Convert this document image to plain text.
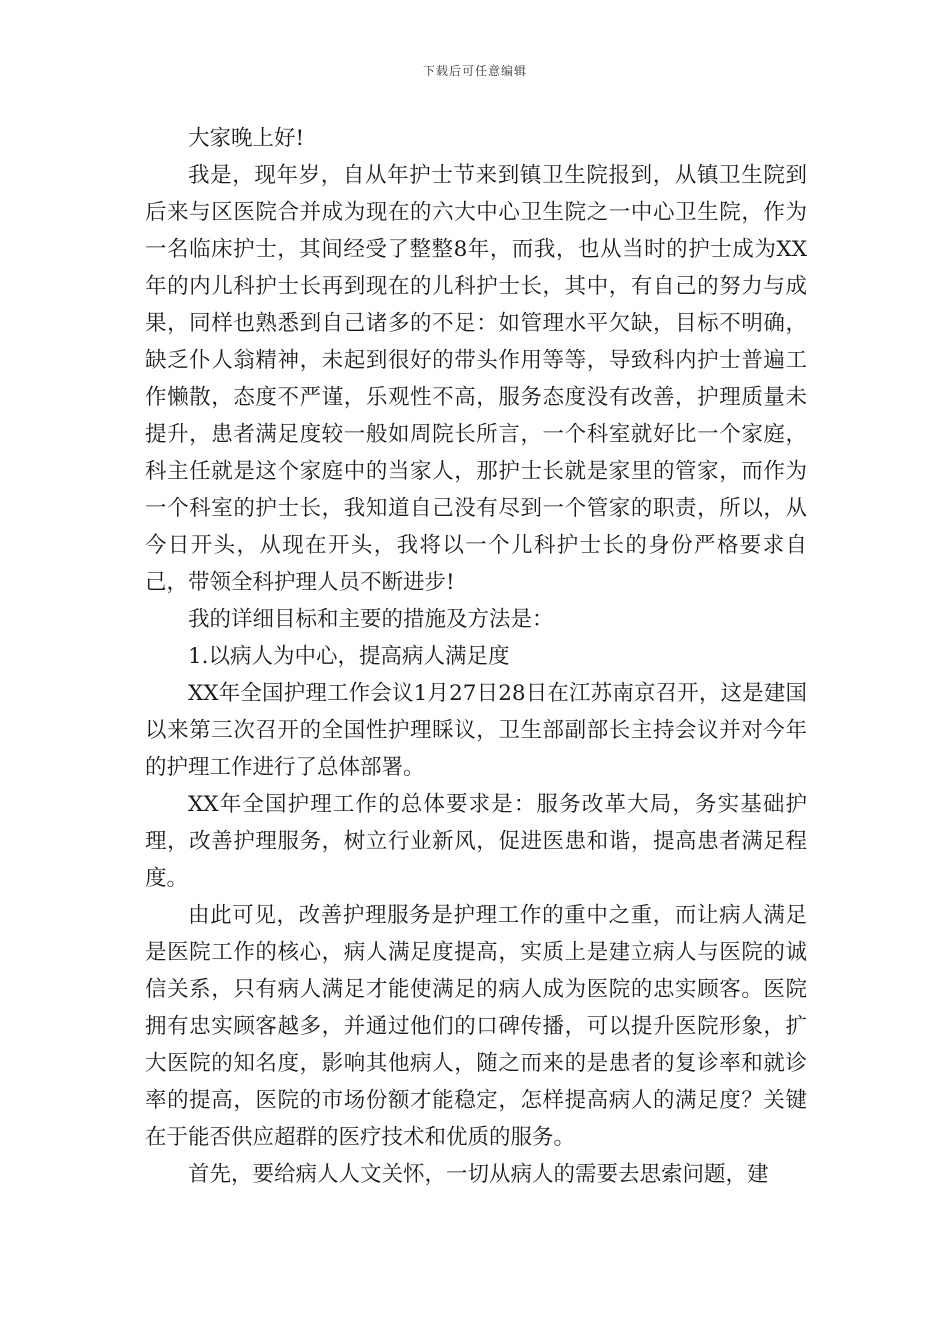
下载后可任意编辑

大家晚上好!

我是，现年岁，自从年护士节来到镇卫生院报到，从镇卫生院到后来与区医院合并成为现在的六大中心卫生院之一中心卫生院，作为一名临床护士，其间经受了整整8年，而我，也从当时的护士成为XX年的内儿科护士长再到现在的儿科护士长，其中，有自己的努力与成果，同样也熟悉到自己诸多的不足：如管理水平欠缺，目标不明确，缺乏仆人翁精神，未起到很好的带头作用等等，导致科内护士普遍工作懒散，态度不严谨，乐观性不高，服务态度没有改善，护理质量未提升，患者满足度较一般如周院长所言，一个科室就好比一个家庭，科主任就是这个家庭中的当家人，那护士长就是家里的管家，而作为一个科室的护士长，我知道自己没有尽到一个管家的职责，所以，从今日开头，从现在开头，我将以一个儿科护士长的身份严格要求自己，带领全科护理人员不断进步!

我的详细目标和主要的措施及方法是：

1.以病人为中心，提高病人满足度

XX年全国护理工作会议1月27日28日在江苏南京召开，这是建国以来第三次召开的全国性护理睬议，卫生部副部长主持会议并对今年的护理工作进行了总体部署。

XX年全国护理工作的总体要求是：服务改革大局，务实基础护理，改善护理服务，树立行业新风，促进医患和谐，提高患者满足程度。

由此可见，改善护理服务是护理工作的重中之重，而让病人满足是医院工作的核心，病人满足度提高，实质上是建立病人与医院的诚信关系，只有病人满足才能使满足的病人成为医院的忠实顾客。医院拥有忠实顾客越多，并通过他们的口碑传播，可以提升医院形象，扩大医院的知名度，影响其他病人，随之而来的是患者的复诊率和就诊率的提高，医院的市场份额才能稳定，怎样提高病人的满足度？关键在于能否供应超群的医疗技术和优质的服务。

首先，要给病人人文关怀，一切从病人的需要去思索问题，建
